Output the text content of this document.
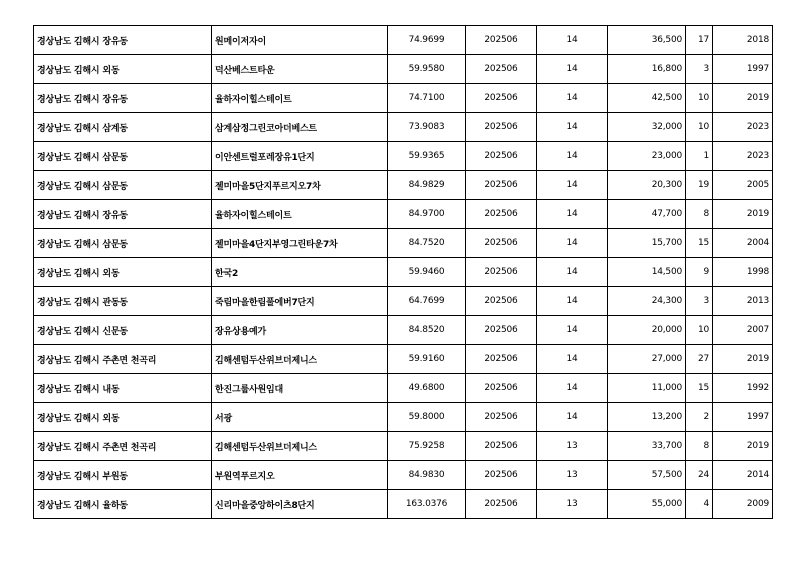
경상남도 김해시 장유동	원메이저자이	74.9699	202506	14	36,500	17	2018
경상남도 김해시 외동	덕산베스트타운	59.9580	202506	14	16,800	3	1997
경상남도 김해시 장유동	율하자이힐스테이트	74.7100	202506	14	42,500	10	2019
경상남도 김해시 삼계동	삼계삼정그린코아더베스트	73.9083	202506	14	32,000	10	2023
경상남도 김해시 삼문동	이안센트럴포레장유1단지	59.9365	202506	14	23,000	1	2023
경상남도 김해시 삼문동	젤미마을5단지푸르지오7차	84.9829	202506	14	20,300	19	2005
경상남도 김해시 장유동	율하자이힐스테이트	84.9700	202506	14	47,700	8	2019
경상남도 김해시 삼문동	젤미마을4단지부영그린타운7차	84.7520	202506	14	15,700	15	2004
경상남도 김해시 외동	한국2	59.9460	202506	14	14,500	9	1998
경상남도 김해시 관동동	죽림마을한림풀에버7단지	64.7699	202506	14	24,300	3	2013
경상남도 김해시 신문동	장유상용예가	84.8520	202506	14	20,000	10	2007
경상남도 김해시 주촌면 천곡리	김해센텀두산위브더제니스	59.9160	202506	14	27,000	27	2019
경상남도 김해시 내동	한진그룹사원임대	49.6800	202506	14	11,000	15	1992
경상남도 김해시 외동	서광	59.8000	202506	14	13,200	2	1997
경상남도 김해시 주촌면 천곡리	김해센텀두산위브더제니스	75.9258	202506	13	33,700	8	2019
경상남도 김해시 부원동	부원역푸르지오	84.9830	202506	13	57,500	24	2014
경상남도 김해시 율하동	신리마을중앙하이츠8단지	163.0376	202506	13	55,000	4	2009
